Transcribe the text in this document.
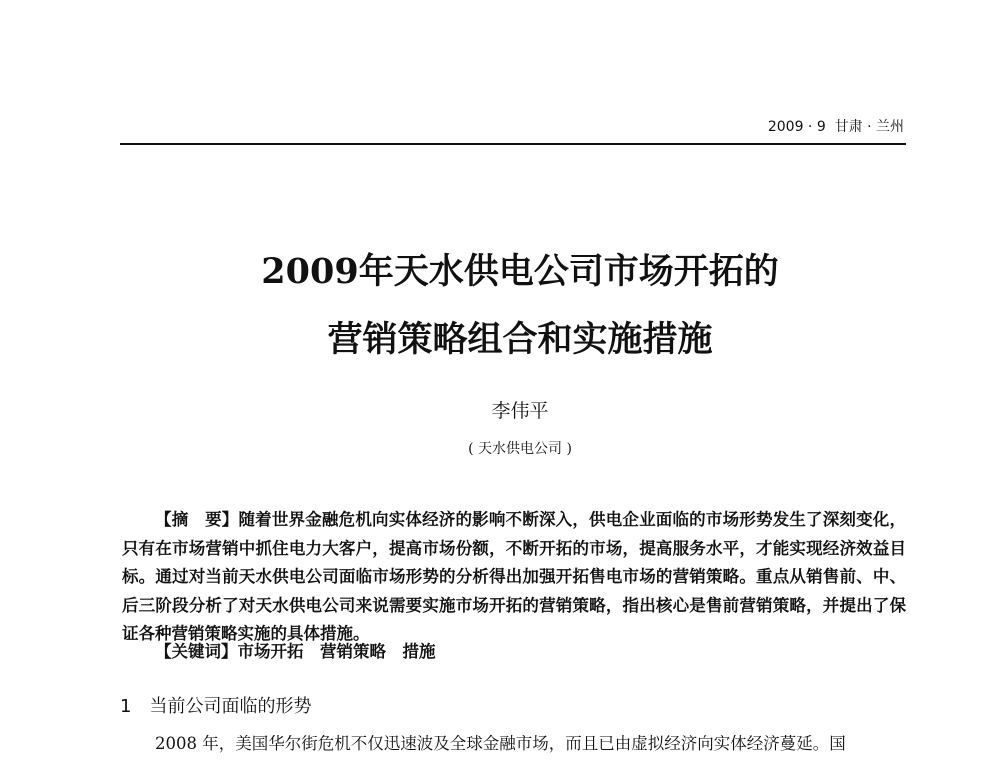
2009 · 9 甘肃 · 兰州
2009年天水供电公司市场开拓的
营销策略组合和实施措施
李伟平
( 天水供电公司 )
【摘　要】随着世界金融危机向实体经济的影响不断深入，供电企业面临的市场形势发生了深刻变化，只有在市场营销中抓住电力大客户，提高市场份额，不断开拓的市场，提高服务水平，才能实现经济效益目标。通过对当前天水供电公司面临市场形势的分析得出加强开拓售电市场的营销策略。重点从销售前、中、后三阶段分析了对天水供电公司来说需要实施市场开拓的营销策略，指出核心是售前营销策略，并提出了保证各种营销策略实施的具体措施。
【关键词】市场开拓　营销策略　措施
1　当前公司面临的形势
2008 年，美国华尔街危机不仅迅速波及全球金融市场，而且已由虚拟经济向实体经济蔓延。国
